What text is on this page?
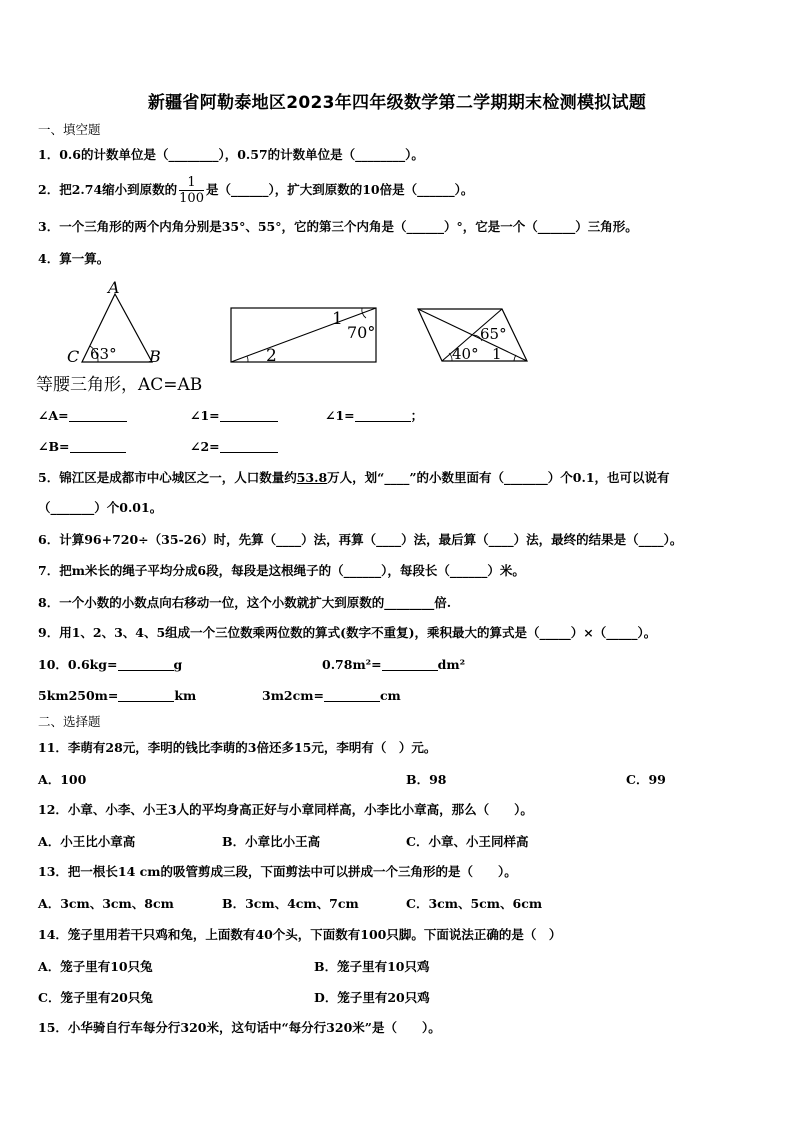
新疆省阿勒泰地区2023年四年级数学第二学期期末检测模拟试题
一、填空题
1．0.6的计数单位是（________），0.57的计数单位是（________）。
2．把2.74缩小到原数的 $\frac{1}{100}$ 是（______），扩大到原数的10倍是（______）。
3．一个三角形的两个内角分别是35°、55°，它的第三个内角是（______）°，它是一个（______）三角形。
4．算一算。
A
C	B
63°
1
70°
2
65°
40° 1
等腰三角形，AC=AB
∠A=	∠1=	∠1=	；
∠B=	∠2=
5．锦江区是成都市中心城区之一，人口数量约53.8万人，划“____”的小数里面有（_______）个0.1，也可以说有
（_______）个0.01。
6．计算96+720÷（35-26）时，先算（____）法，再算（____）法，最后算（____）法，最终的结果是（____）。
7．把m米长的绳子平均分成6段，每段是这根绳子的（______），每段长（______）米。
8．一个小数的小数点向右移动一位，这个小数就扩大到原数的________倍.
9．用1、2、3、4、5组成一个三位数乘两位数的算式(数字不重复)，乘积最大的算式是（_____）×（_____）。
10．0.6kg=	g	0.78m²=	dm²
5km250m=	km	3m2cm=	cm
二、选择题
11．李萌有28元，李明的钱比李萌的3倍还多15元，李明有（　）元。
A．100	B．98	C．99
12．小章、小李、小王3人的平均身高正好与小章同样高，小李比小章高，那么（　　）。
A．小王比小章高	B．小章比小王高	C．小章、小王同样高
13．把一根长14 cm的吸管剪成三段，下面剪法中可以拼成一个三角形的是（　　）。
A．3cm、3cm、8cm	B．3cm、4cm、7cm	C．3cm、5cm、6cm
14．笼子里用若干只鸡和兔，上面数有40个头，下面数有100只脚。下面说法正确的是（　）
A．笼子里有10只兔	B．笼子里有10只鸡
C．笼子里有20只兔	D．笼子里有20只鸡
15．小华骑自行车每分行320米，这句话中“每分行320米”是（　　）。
